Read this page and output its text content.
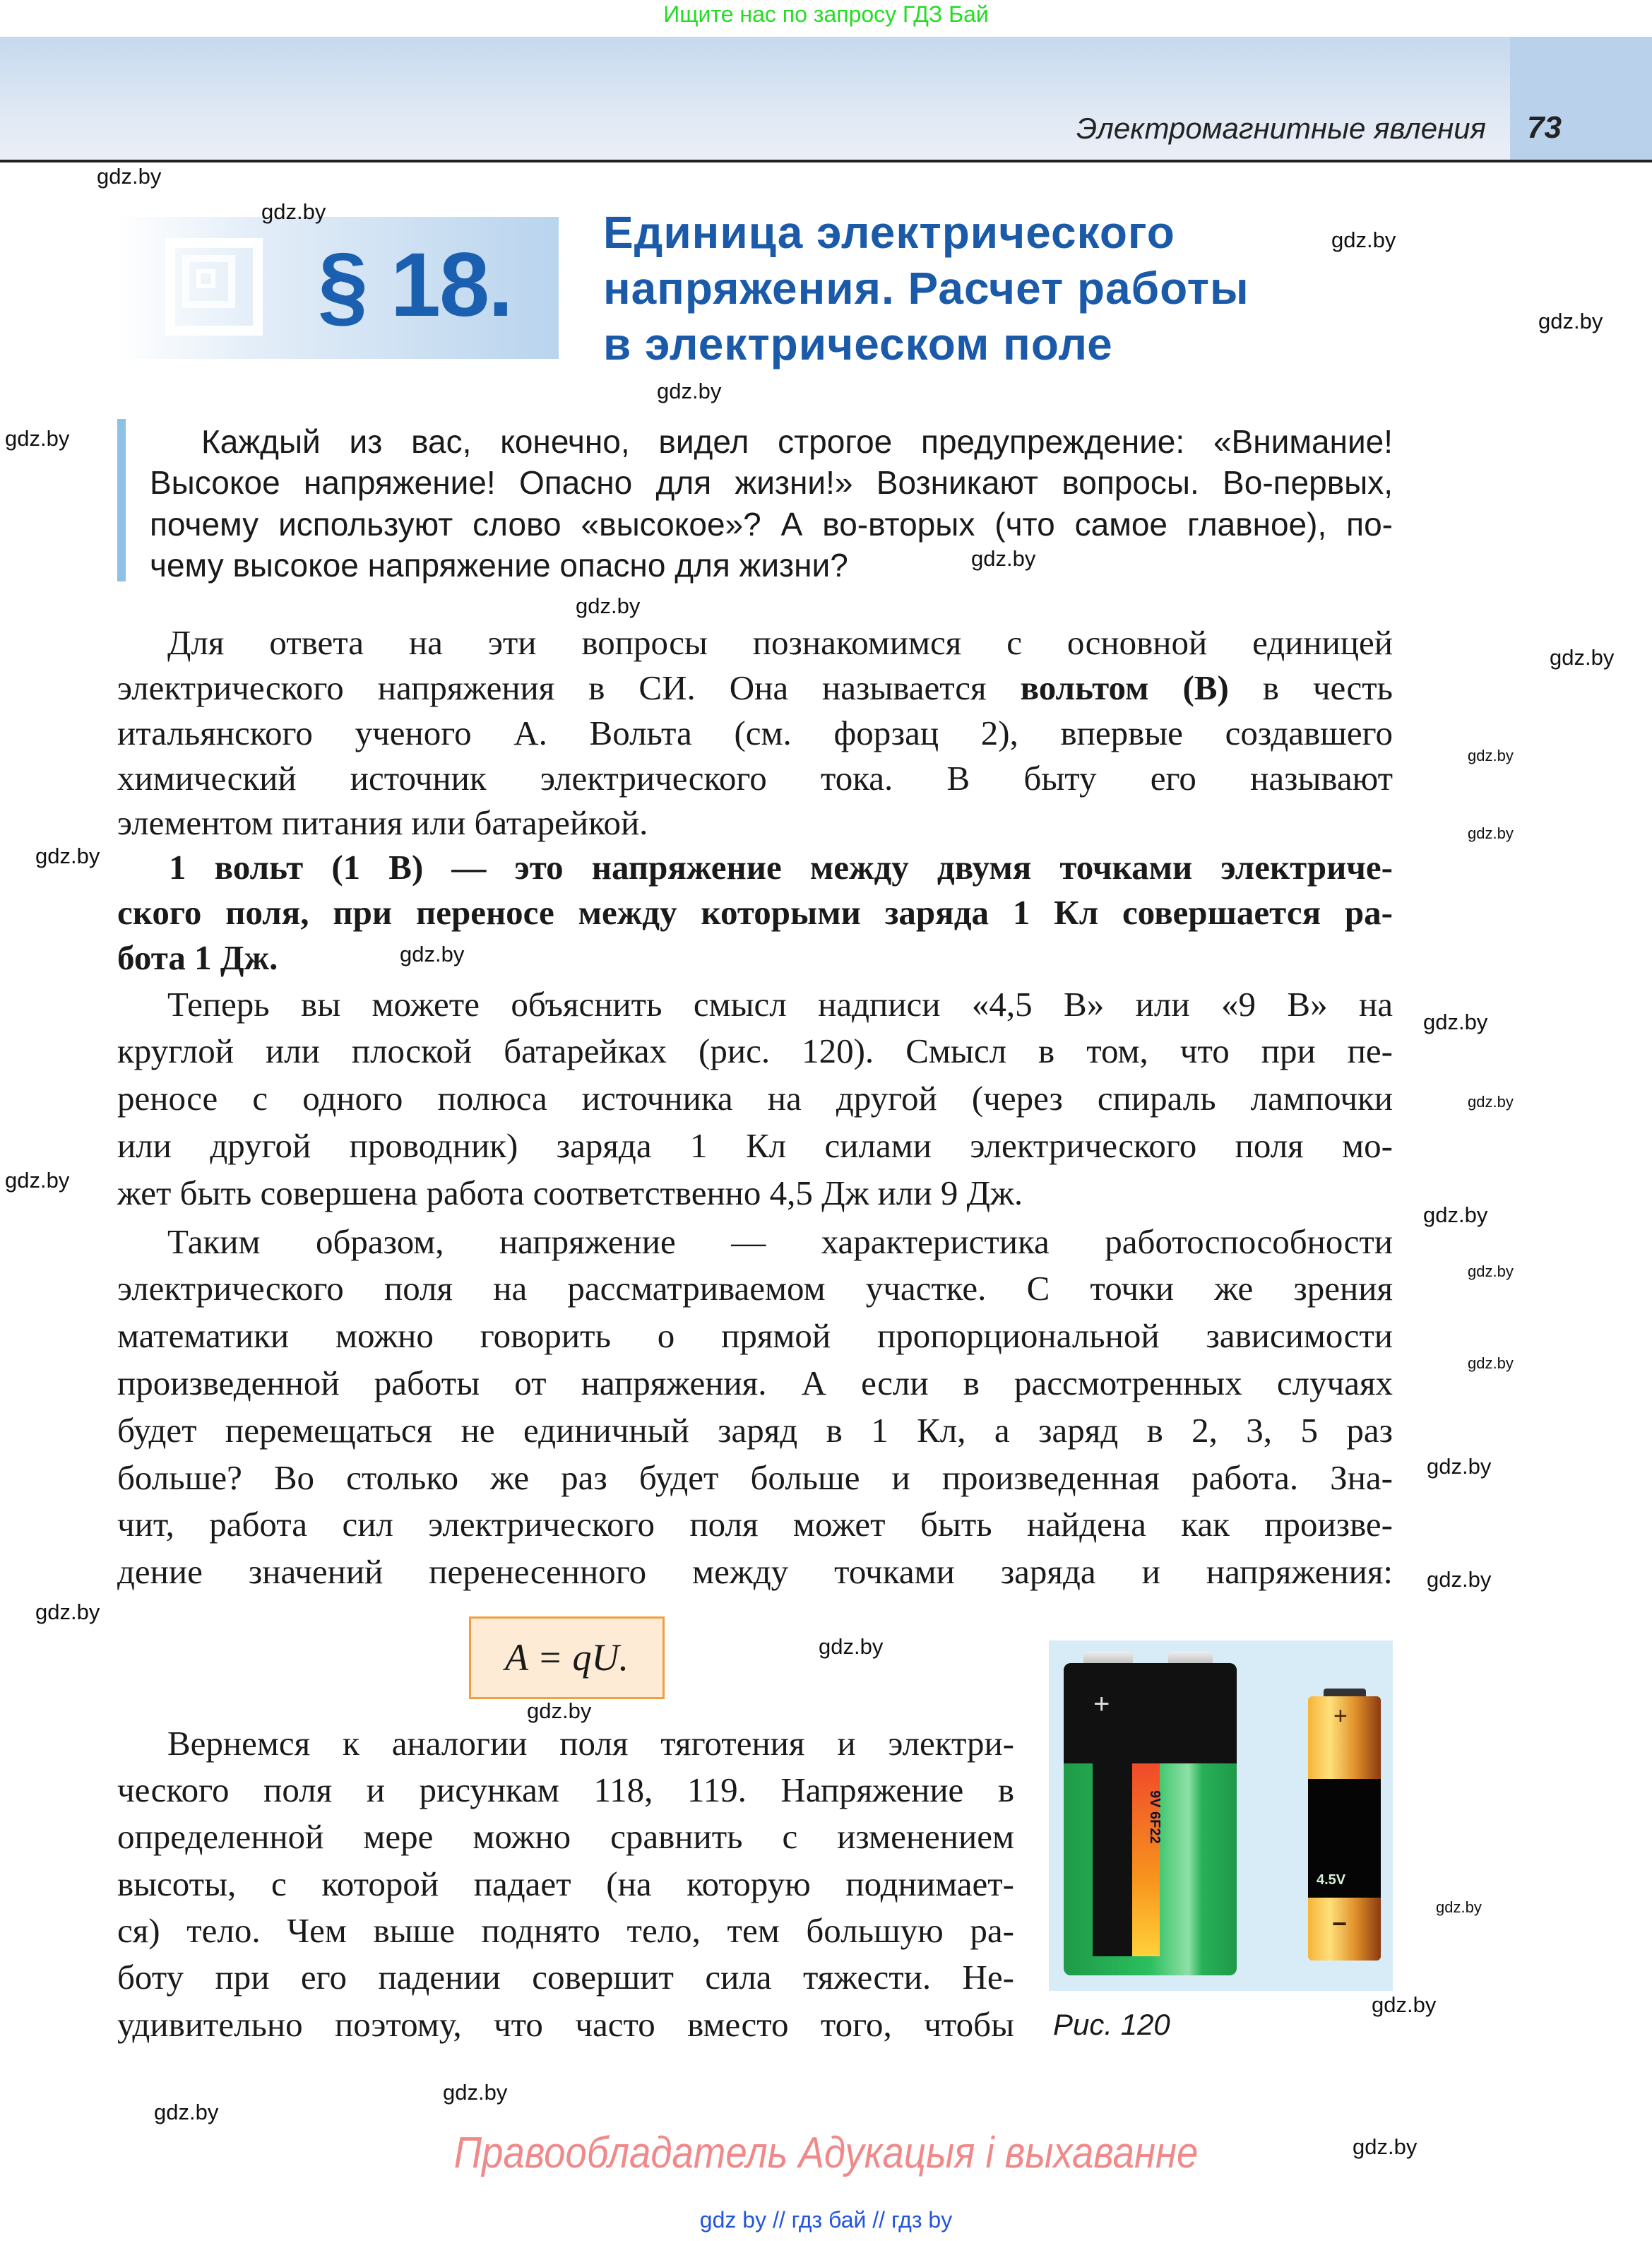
Ищите нас по запросу ГДЗ Бай
Электромагнитные явления 73
§ 18.
Единица электрического
напряжения. Расчет работы
в электрическом поле
Каждый из вас, конечно, видел строгое предупреждение: «Внимание!
Высокое напряжение! Опасно для жизни!» Возникают вопросы. Во-первых,
почему используют слово «высокое»? А во-вторых (что самое главное), по-
чему высокое напряжение опасно для жизни?
Для ответа на эти вопросы познакомимся с основной единицей
электрического напряжения в СИ. Она называется вольтом (В) в честь
итальянского ученого А. Вольта (см. форзац 2), впервые создавшего
химический источник электрического тока. В быту его называют
элементом питания или батарейкой.
1 вольт (1 В) — это напряжение между двумя точками электриче-
ского поля, при переносе между которыми заряда 1 Кл совершается ра-
бота 1 Дж.
Теперь вы можете объяснить смысл надписи «4,5 В» или «9 В» на
круглой или плоской батарейках (рис. 120). Смысл в том, что при пе-
реносе с одного полюса источника на другой (через спираль лампочки
или другой проводник) заряда 1 Кл силами электрического поля мо-
жет быть совершена работа соответственно 4,5 Дж или 9 Дж.
Таким образом, напряжение — характеристика работоспособности
электрического поля на рассматриваемом участке. С точки же зрения
математики можно говорить о прямой пропорциональной зависимости
произведенной работы от напряжения. А если в рассмотренных случаях
будет перемещаться не единичный заряд в 1 Кл, а заряд в 2, 3, 5 раз
больше? Во столько же раз будет больше и произведенная работа. Зна-
чит, работа сил электрического поля может быть найдена как произве-
дение значений перенесенного между точками заряда и напряжения:
Вернемся к аналогии поля тяготения и электри-
ческого поля и рисункам 118, 119. Напряжение в
определенной мере можно сравнить с изменением
высоты, с которой падает (на которую поднимает-
ся) тело. Чем выше поднято тело, тем большую ра-
боту при его падении совершит сила тяжести. Не-
удивительно поэтому, что часто вместо того, чтобы
A = qU.
+
9V 6F22
+
4.5V
−
Рис. 120
Правообладатель Адукацыя і выхаванне
gdz by // гдз бай // гдз by
gdz.by
gdz.by
gdz.by
gdz.by
gdz.by
gdz.by
gdz.by
gdz.by
gdz.by
gdz.by
gdz.by
gdz.by
gdz.by
gdz.by
gdz.by
gdz.by
gdz.by
gdz.by
gdz.by
gdz.by
gdz.by
gdz.by
gdz.by
gdz.by
gdz.by
gdz.by
gdz.by
gdz.by
gdz.by
